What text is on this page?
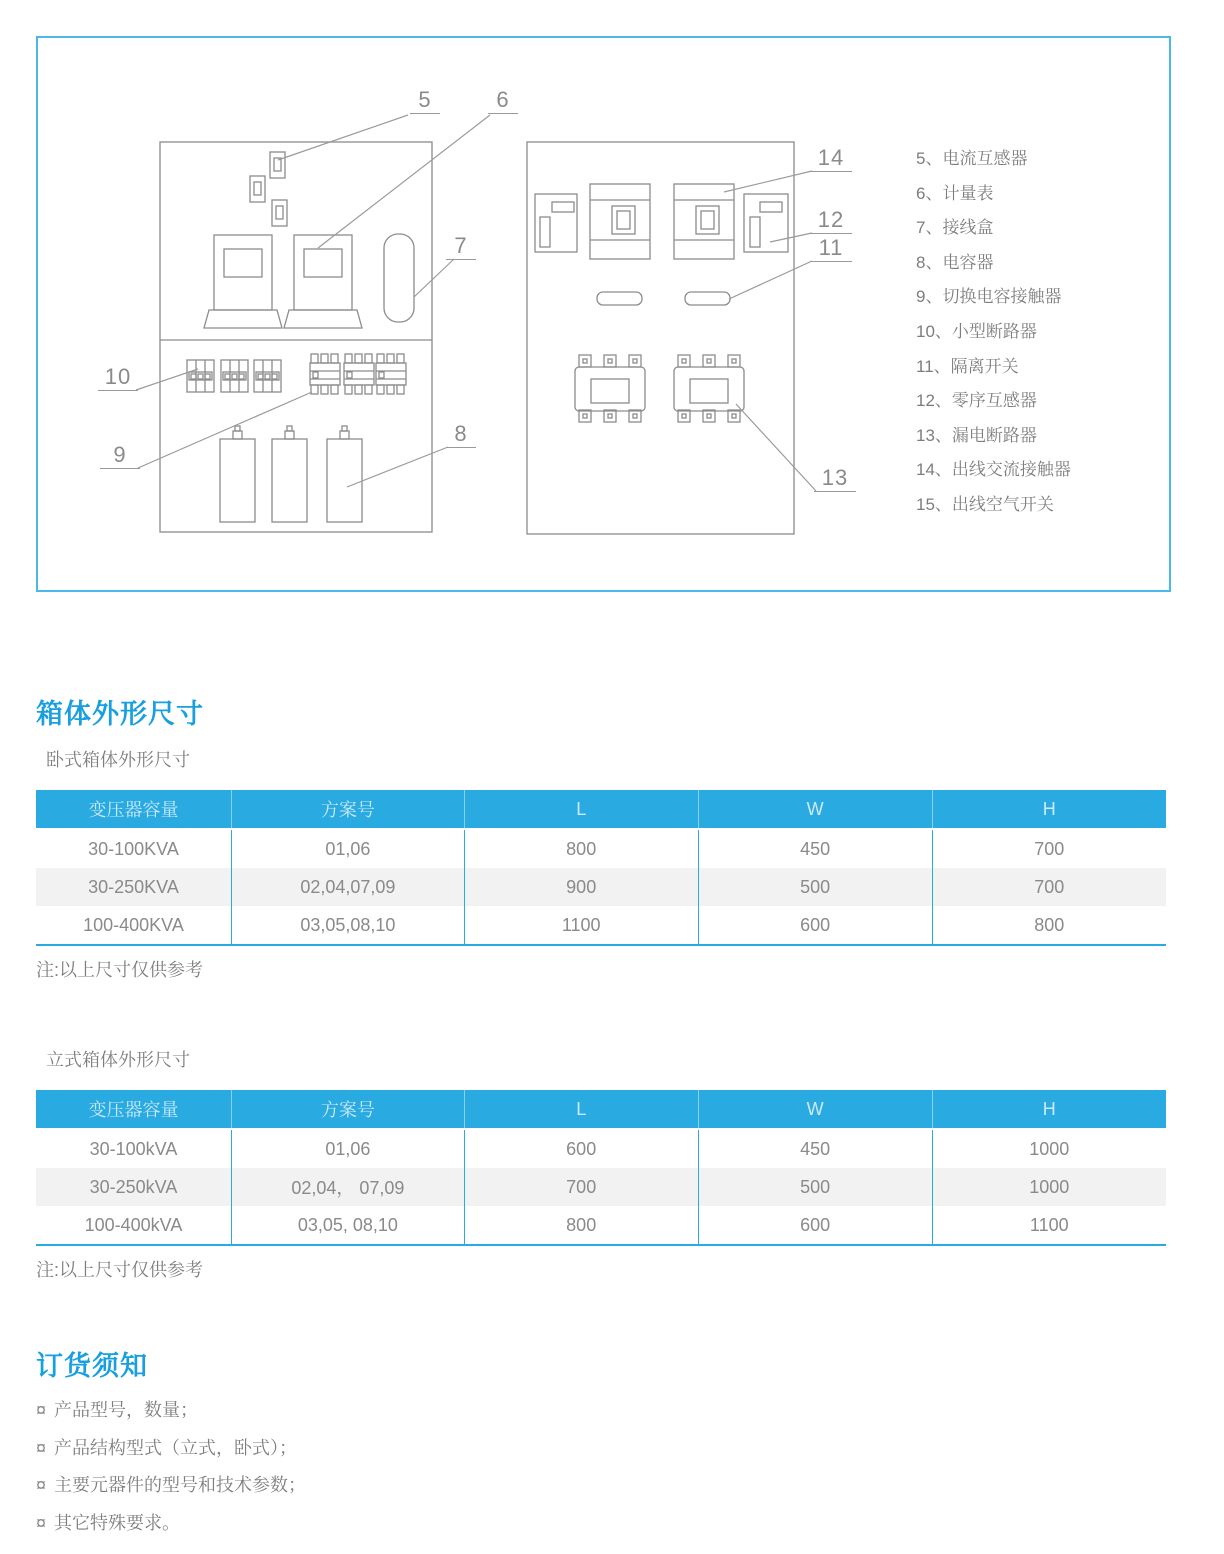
5	6
7
10
9
8
14
12
11
13
5、电流互感器
6、计量表
7、接线盒
8、电容器
9、切换电容接触器
10、小型断路器
11、隔离开关
12、零序互感器
13、漏电断路器
14、出线交流接触器
15、出线空气开关
箱体外形尺寸
卧式箱体外形尺寸
变压器容量	方案号	L	W	H
30-100KVA	01,06	800	450	700
30-250KVA	02,04,07,09	900	500	700
100-400KVA	03,05,08,10	1100	600	800
注:以上尺寸仅供参考
立式箱体外形尺寸
变压器容量	方案号	L	W	H
30-100kVA	01,06	600	450	1000
30-250kVA	02,04， 07,09	700	500	1000
100-400kVA	03,05, 08,10	800	600	1100
注:以上尺寸仅供参考
订货须知
¤ 产品型号，数量；
¤ 产品结构型式（立式，卧式）；
¤ 主要元器件的型号和技术参数；
¤ 其它特殊要求。
